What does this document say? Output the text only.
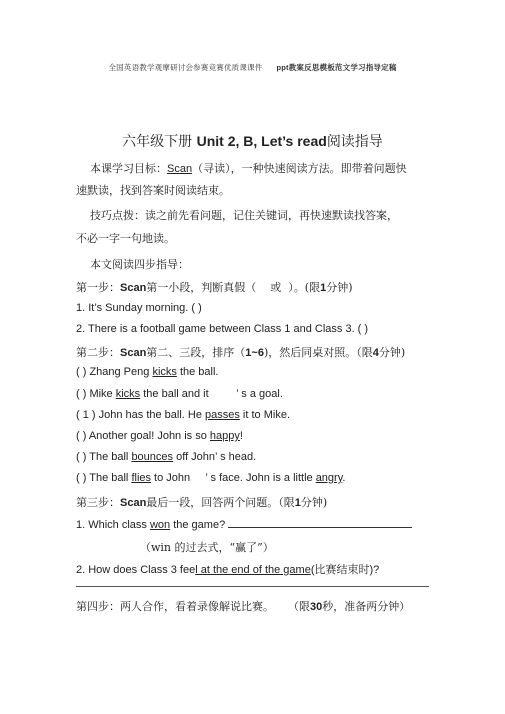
全国英语教学观摩研讨会参赛竞赛优质课课件 ppt教案反思模板范文学习指导定稿
六年级下册 Unit 2, B, Let’s read阅读指导
本课学习目标：Scan（寻读），一种快速阅读方法。即带着问题快
速默读，找到答案时阅读结束。
技巧点拨：读之前先看问题，记住关键词，再快速默读找答案，
不必一字一句地读。
本文阅读四步指导：
第一步：Scan第一小段，判断真假（ 或 ）。(限1分钟)
1. It’s Sunday morning. ( )
2. There is a football game between Class 1 and Class 3. ( )
第二步：Scan第二、三段，排序（1~6)，然后同桌对照。（限4分钟)
( ) Zhang Peng kicks the ball.
( ) Mike kicks the ball and it	’ s a goal.
( 1 ) John has the ball. He passes it to Mike.
( ) Another goal! John is so happy!
( ) The ball bounces off John’ s head.
( ) The ball flies to John ’ s face. John is a little angry.
第三步：Scan最后一段，回答两个问题。（限1分钟)
1. Which class won the game?
（win 的过去式，“赢了”）
2. How does Class 3 feel at the end of the game(比赛结束时)?
第四步：两人合作，看着录像解说比赛。 （限30秒，准备两分钟）
